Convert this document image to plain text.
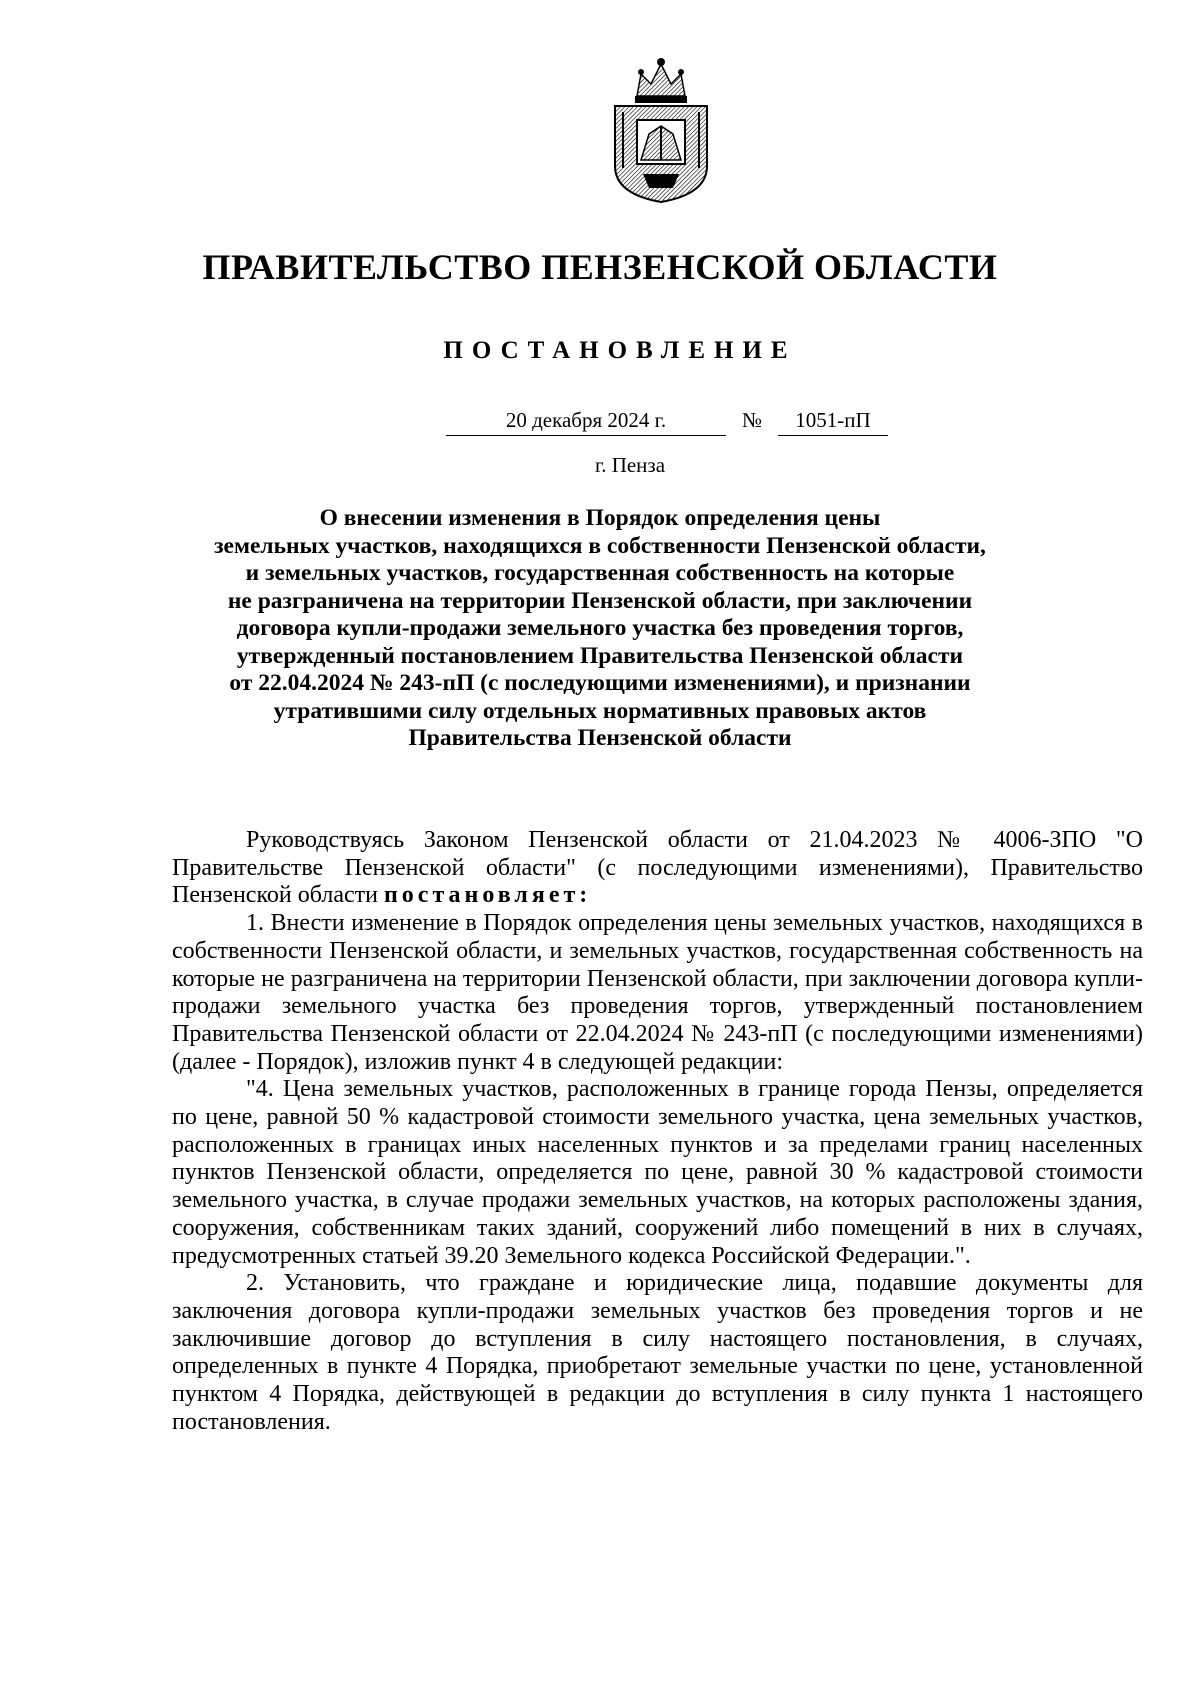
ПРАВИТЕЛЬСТВО ПЕНЗЕНСКОЙ ОБЛАСТИ
ПОСТАНОВЛЕНИЕ
20 декабря 2024 г.	№	1051-пП
г. Пенза
О внесении изменения в Порядок определения цены
земельных участков, находящихся в собственности Пензенской области,
и земельных участков, государственная собственность на которые
не разграничена на территории Пензенской области, при заключении
договора купли-продажи земельного участка без проведения торгов,
утвержденный постановлением Правительства Пензенской области
от 22.04.2024 № 243-пП (с последующими изменениями), и признании
утратившими силу отдельных нормативных правовых актов
Правительства Пензенской области

Руководствуясь Законом Пензенской области от 21.04.2023 № 4006-ЗПО "О Правительстве Пензенской области" (с последующими изменениями), Правительство Пензенской области постановляет:

1. Внести изменение в Порядок определения цены земельных участков, находящихся в собственности Пензенской области, и земельных участков, государственная собственность на которые не разграничена на территории Пензенской области, при заключении договора купли-продажи земельного участка без проведения торгов, утвержденный постановлением Правительства Пензенской области от 22.04.2024 № 243-пП (с последующими изменениями) (далее - Порядок), изложив пункт 4 в следующей редакции:

"4. Цена земельных участков, расположенных в границе города Пензы, определяется по цене, равной 50 % кадастровой стоимости земельного участка, цена земельных участков, расположенных в границах иных населенных пунктов и за пределами границ населенных пунктов Пензенской области, определяется по цене, равной 30 % кадастровой стоимости земельного участка, в случае продажи земельных участков, на которых расположены здания, сооружения, собственникам таких зданий, сооружений либо помещений в них в случаях, предусмотренных статьей 39.20 Земельного кодекса Российской Федерации.".

2. Установить, что граждане и юридические лица, подавшие документы для заключения договора купли-продажи земельных участков без проведения торгов и не заключившие договор до вступления в силу настоящего постановления, в случаях, определенных в пункте 4 Порядка, приобретают земельные участки по цене, установленной пунктом 4 Порядка, действующей в редакции до вступления в силу пункта 1 настоящего постановления.
